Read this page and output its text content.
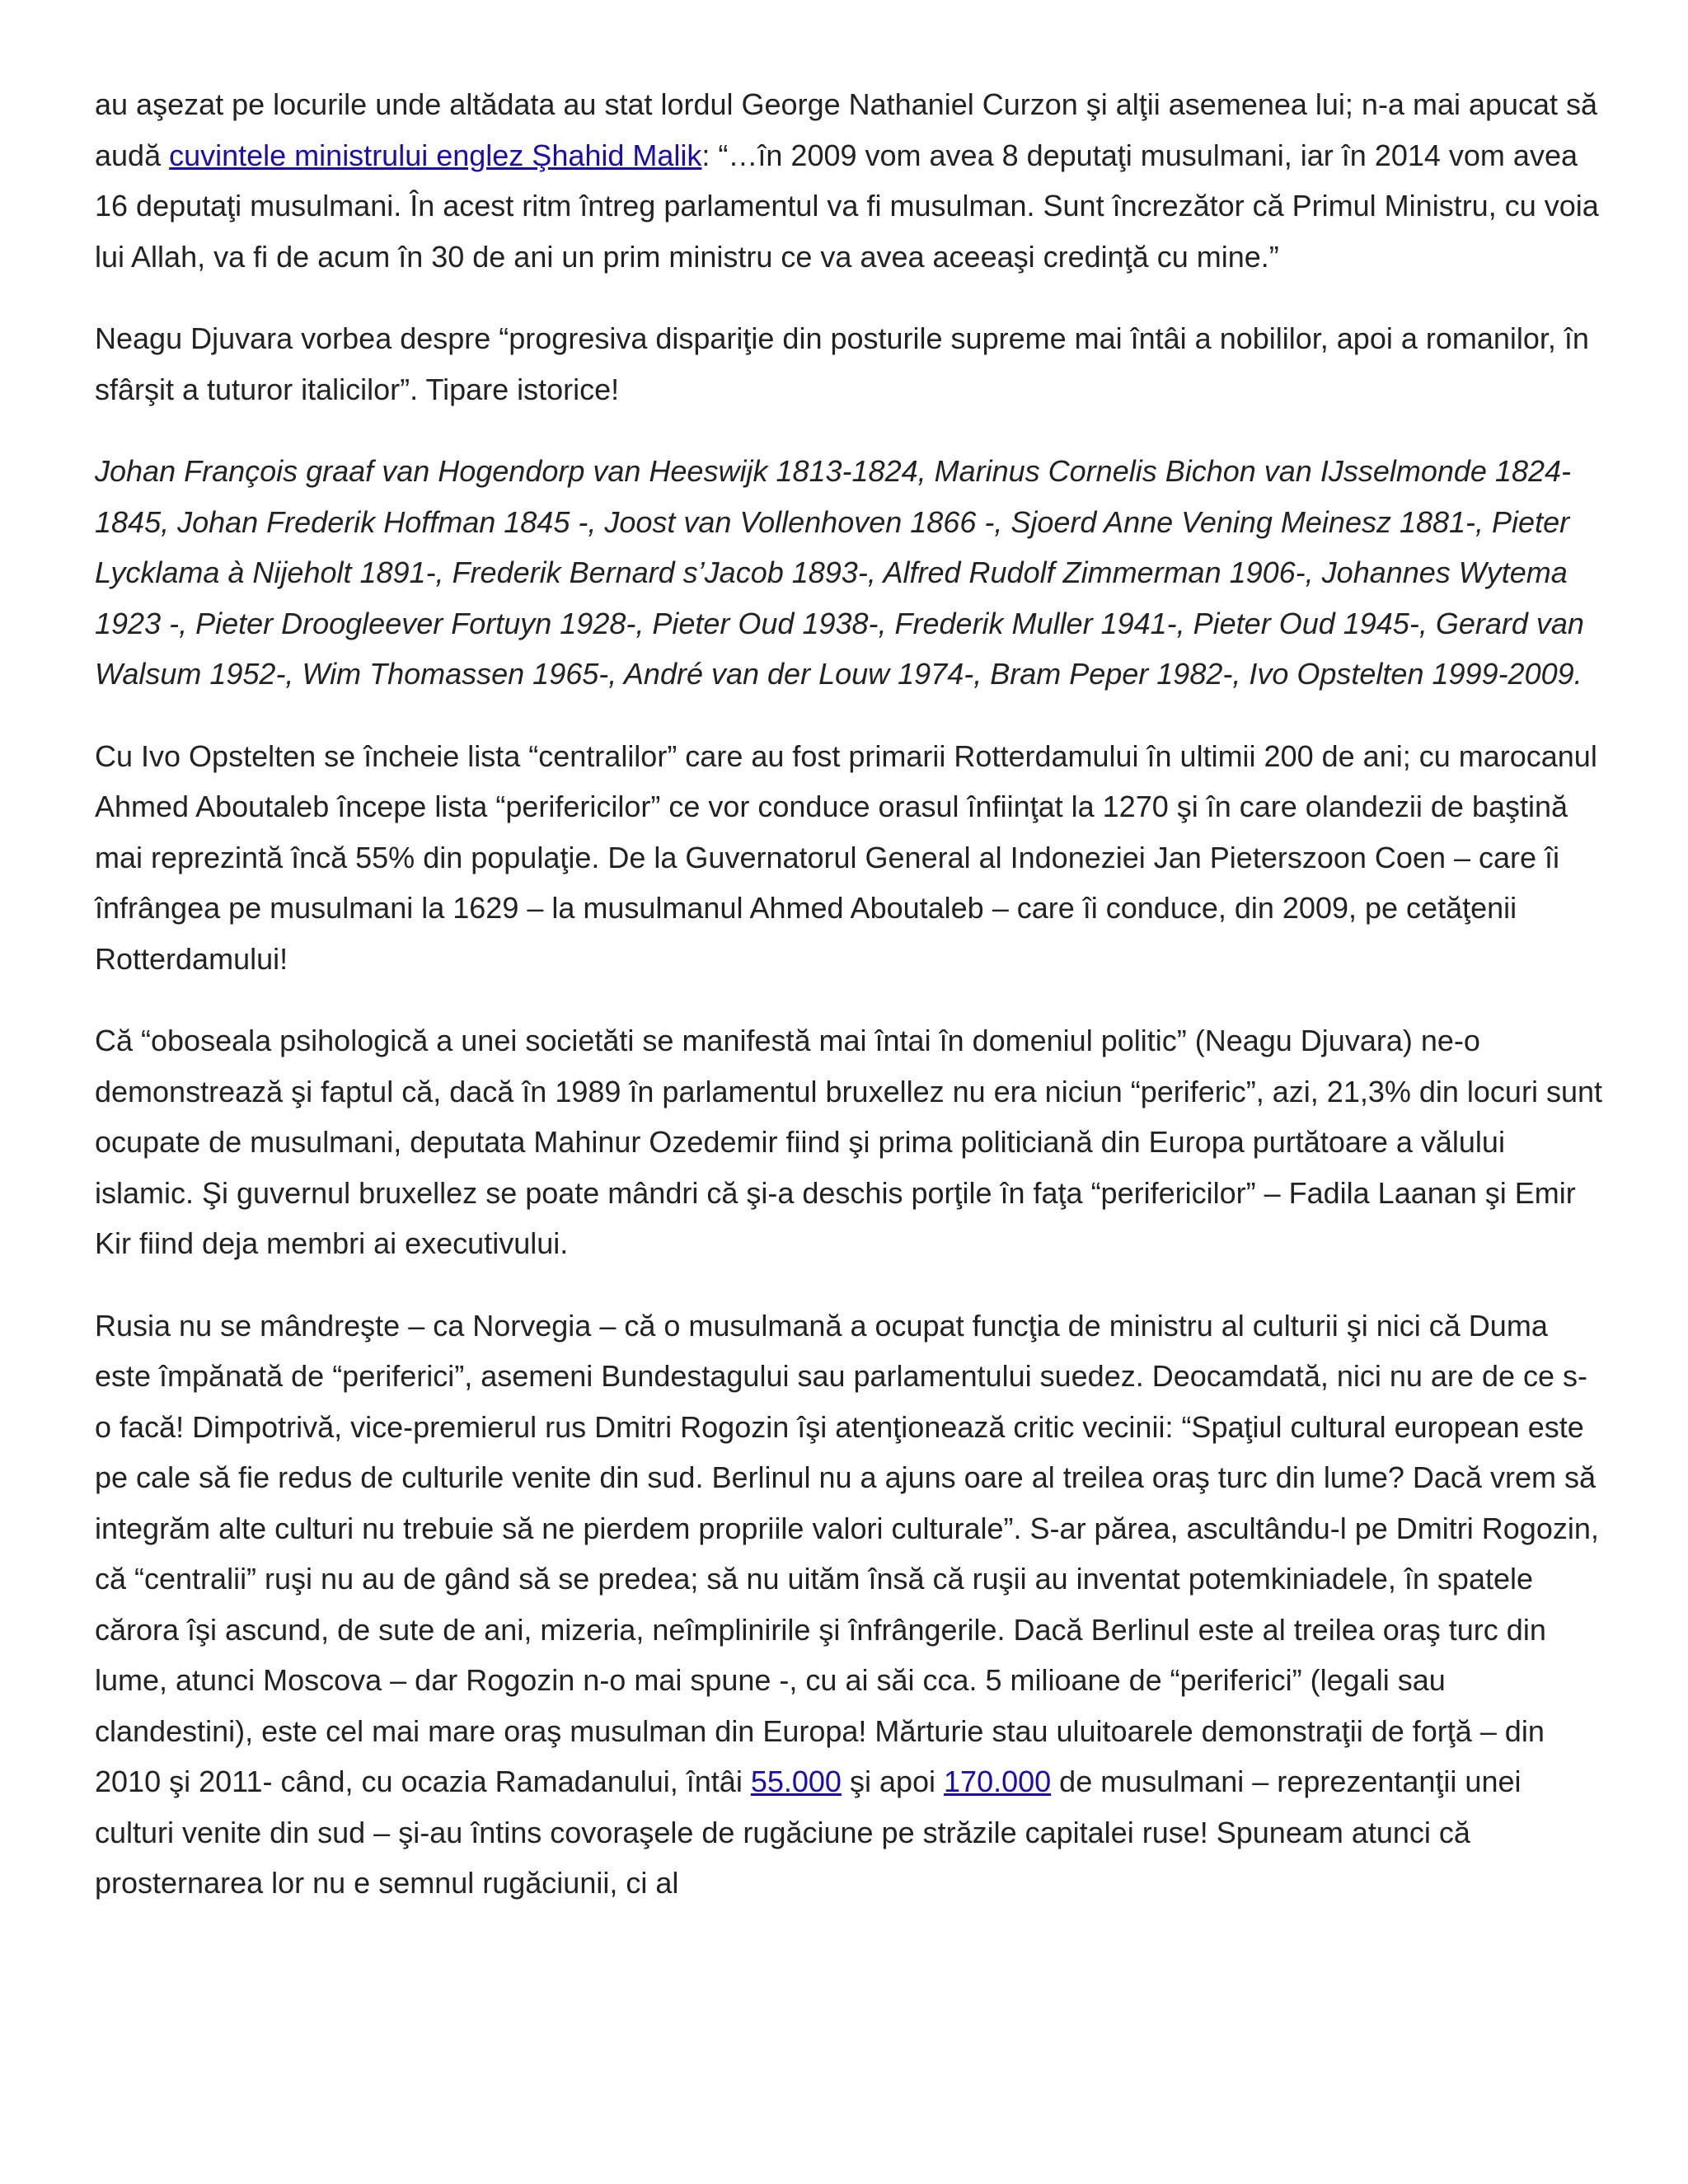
au aşezat pe locurile unde altădata au stat lordul George Nathaniel Curzon şi alţii asemenea lui; n-a mai apucat să audă cuvintele ministrului englez Şhahid Malik: “…în 2009 vom avea 8 deputaţi musulmani, iar în 2014 vom avea 16 deputaţi musulmani. În acest ritm întreg parlamentul va fi musulman. Sunt încrezător că Primul Ministru, cu voia lui Allah, va fi de acum în 30 de ani un prim ministru ce va avea aceeaşi credinţă cu mine.”

Neagu Djuvara vorbea despre “progresiva dispariţie din posturile supreme mai întâi a nobililor, apoi a romanilor, în sfârşit a tuturor italicilor”. Tipare istorice!

Johan François graaf van Hogendorp van Heeswijk 1813-1824, Marinus Cornelis Bichon van IJsselmonde 1824-1845, Johan Frederik Hoffman 1845 -, Joost van Vollenhoven 1866 -, Sjoerd Anne Vening Meinesz 1881-, Pieter Lycklama à Nijeholt 1891-, Frederik Bernard s’Jacob 1893-, Alfred Rudolf Zimmerman 1906-, Johannes Wytema 1923 -, Pieter Droogleever Fortuyn 1928-, Pieter Oud 1938-, Frederik Muller 1941-, Pieter Oud 1945-, Gerard van Walsum 1952-, Wim Thomassen 1965-, André van der Louw 1974-, Bram Peper 1982-, Ivo Opstelten 1999-2009.

Cu Ivo Opstelten se încheie lista “centralilor” care au fost primarii Rotterdamului în ultimii 200 de ani; cu marocanul Ahmed Aboutaleb începe lista “perifericilor” ce vor conduce orasul înfiinţat la 1270 şi în care olandezii de baştină mai reprezintă încă 55% din populaţie. De la Guvernatorul General al Indoneziei Jan Pieterszoon Coen – care îi înfrângea pe musulmani la 1629 – la musulmanul Ahmed Aboutaleb – care îi conduce, din 2009, pe cetăţenii Rotterdamului!

Că “oboseala psihologică a unei societăti se manifestă mai întai în domeniul politic” (Neagu Djuvara) ne-o demonstrează şi faptul că, dacă în 1989 în parlamentul bruxellez nu era niciun “periferic”, azi, 21,3% din locuri sunt ocupate de musulmani, deputata Mahinur Ozedemir fiind şi prima politiciană din Europa purtătoare a vălului islamic. Şi guvernul bruxellez se poate mândri că şi-a deschis porţile în faţa “perifericilor” – Fadila Laanan şi Emir Kir fiind deja membri ai executivului.

Rusia nu se mândreşte – ca Norvegia – că o musulmană a ocupat funcţia de ministru al culturii şi nici că Duma este împănată de “periferici”, asemeni Bundestagului sau parlamentului suedez. Deocamdată, nici nu are de ce s-o facă! Dimpotrivă, vice-premierul rus Dmitri Rogozin îşi atenţionează critic vecinii: “Spaţiul cultural european este pe cale să fie redus de culturile venite din sud. Berlinul nu a ajuns oare al treilea oraş turc din lume? Dacă vrem să integrăm alte culturi nu trebuie să ne pierdem propriile valori culturale”. S-ar părea, ascultându-l pe Dmitri Rogozin, că “centralii” ruşi nu au de gând să se predea; să nu uităm însă că ruşii au inventat potemkiniadele, în spatele cărora îşi ascund, de sute de ani, mizeria, neîmplinirile şi înfrângerile. Dacă Berlinul este al treilea oraş turc din lume, atunci Moscova – dar Rogozin n-o mai spune -, cu ai săi cca. 5 milioane de “periferici” (legali sau clandestini), este cel mai mare oraş musulman din Europa! Mărturie stau uluitoarele demonstraţii de forţă – din 2010 şi 2011- când, cu ocazia Ramadanului, întâi 55.000 şi apoi 170.000 de musulmani – reprezentanţii unei culturi venite din sud – şi-au întins covoraşele de rugăciune pe străzile capitalei ruse! Spuneam atunci că prosternarea lor nu e semnul rugăciunii, ci al
